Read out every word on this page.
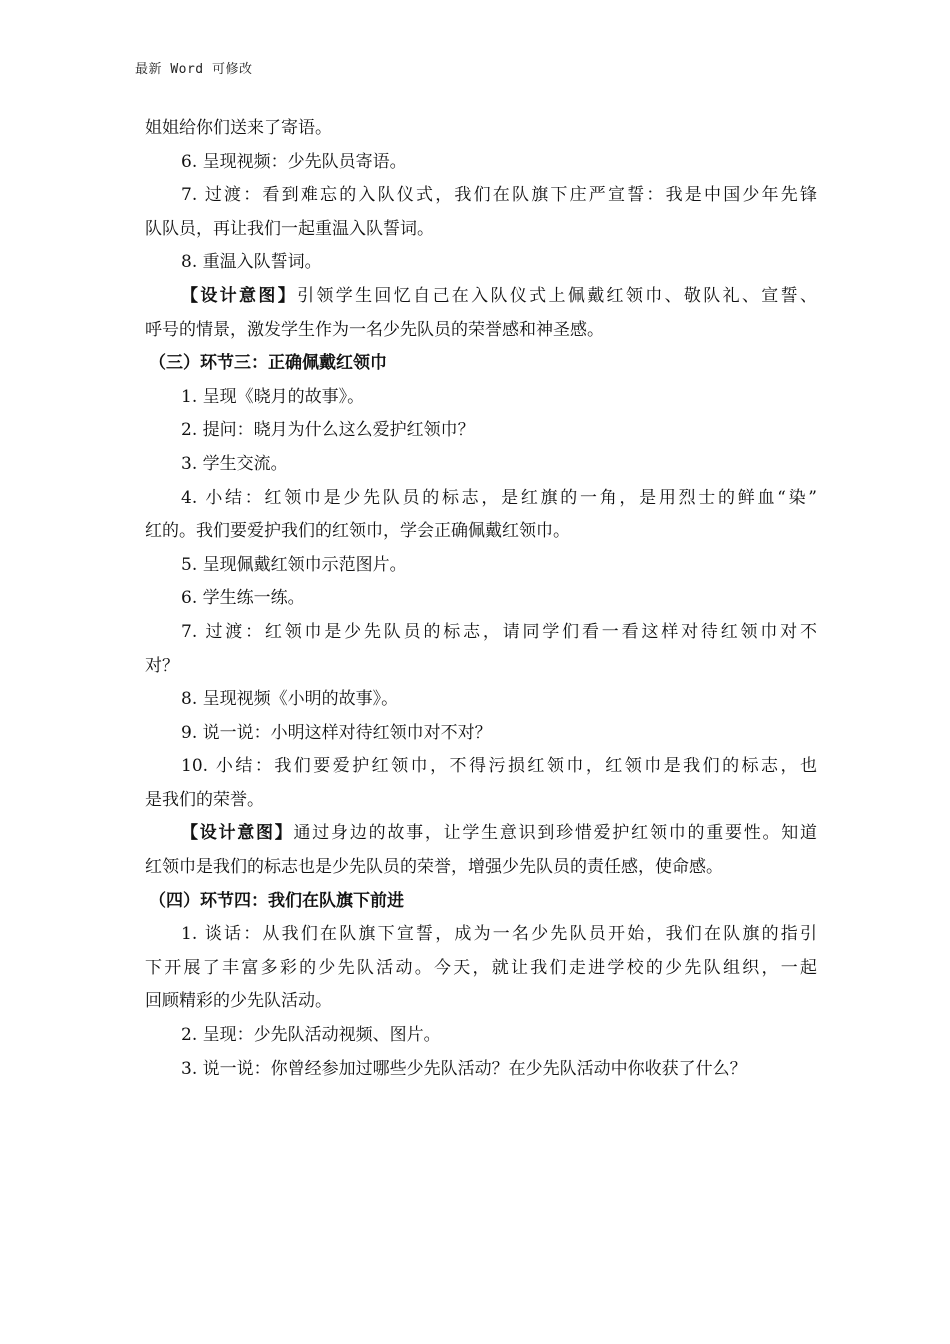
最新 Word 可修改
姐姐给你们送来了寄语。
6. 呈现视频：少先队员寄语。
7. 过渡：看到难忘的入队仪式，我们在队旗下庄严宣誓：我是中国少年先锋
队队员，再让我们一起重温入队誓词。
8. 重温入队誓词。
【设计意图】引领学生回忆自己在入队仪式上佩戴红领巾、敬队礼、宣誓、
呼号的情景，激发学生作为一名少先队员的荣誉感和神圣感。
（三）环节三：正确佩戴红领巾
1. 呈现《晓月的故事》。
2. 提问：晓月为什么这么爱护红领巾？
3. 学生交流。
4. 小结：红领巾是少先队员的标志，是红旗的一角，是用烈士的鲜血“染”
红的。我们要爱护我们的红领巾，学会正确佩戴红领巾。
5. 呈现佩戴红领巾示范图片。
6. 学生练一练。
7. 过渡：红领巾是少先队员的标志，请同学们看一看这样对待红领巾对不
对？
8. 呈现视频《小明的故事》。
9. 说一说：小明这样对待红领巾对不对？
10. 小结：我们要爱护红领巾，不得污损红领巾，红领巾是我们的标志，也
是我们的荣誉。
【设计意图】通过身边的故事，让学生意识到珍惜爱护红领巾的重要性。知道
红领巾是我们的标志也是少先队员的荣誉，增强少先队员的责任感，使命感。
（四）环节四：我们在队旗下前进
1. 谈话：从我们在队旗下宣誓，成为一名少先队员开始，我们在队旗的指引
下开展了丰富多彩的少先队活动。今天，就让我们走进学校的少先队组织，一起
回顾精彩的少先队活动。
2. 呈现：少先队活动视频、图片。
3. 说一说：你曾经参加过哪些少先队活动？在少先队活动中你收获了什么？
